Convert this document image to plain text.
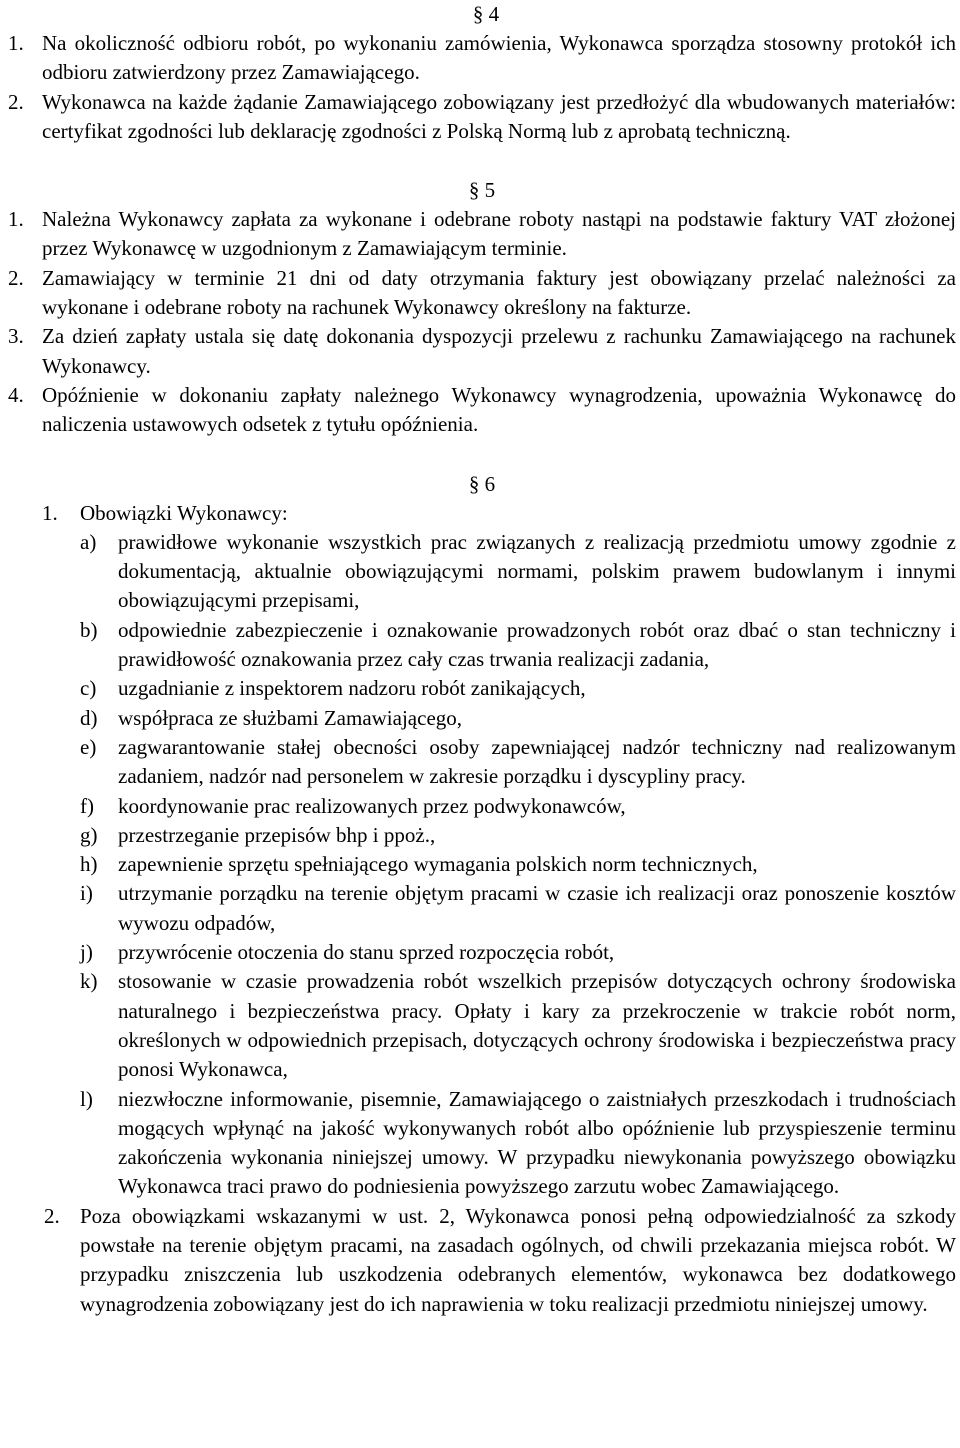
§ 4
1. Na okoliczność odbioru robót, po wykonaniu zamówienia, Wykonawca sporządza stosowny protokół ich odbioru zatwierdzony przez Zamawiającego.
2. Wykonawca na każde żądanie Zamawiającego zobowiązany jest przedłożyć dla wbudowanych materiałów: certyfikat zgodności lub deklarację zgodności z Polską Normą lub z aprobatą techniczną.
§ 5
1. Należna Wykonawcy zapłata za wykonane i odebrane roboty nastąpi na podstawie faktury VAT złożonej przez Wykonawcę w uzgodnionym z Zamawiającym terminie.
2. Zamawiający w terminie 21 dni od daty otrzymania faktury jest obowiązany przelać należności za wykonane i odebrane roboty na rachunek Wykonawcy określony na fakturze.
3. Za dzień zapłaty ustala się datę dokonania dyspozycji przelewu z rachunku Zamawiającego na rachunek Wykonawcy.
4. Opóźnienie w dokonaniu zapłaty należnego Wykonawcy wynagrodzenia, upoważnia Wykonawcę do naliczenia ustawowych odsetek z tytułu opóźnienia.
§ 6
1.	Obowiązki Wykonawcy:
a)	prawidłowe wykonanie wszystkich prac związanych z realizacją przedmiotu umowy zgodnie z dokumentacją, aktualnie obowiązującymi normami, polskim prawem budowlanym i innymi obowiązującymi przepisami,
b) odpowiednie zabezpieczenie i oznakowanie prowadzonych robót oraz dbać o stan techniczny i prawidłowość oznakowania przez cały czas trwania realizacji zadania,
c)	uzgadnianie z inspektorem nadzoru robót zanikających,
d) współpraca ze służbami Zamawiającego,
e)	zagwarantowanie stałej obecności osoby zapewniającej nadzór techniczny nad realizowanym zadaniem, nadzór nad personelem w zakresie porządku i dyscypliny pracy.
f)	koordynowanie prac realizowanych przez podwykonawców,
g) przestrzeganie przepisów bhp i ppoż.,
h) zapewnienie sprzętu spełniającego wymagania polskich norm technicznych,
i)	utrzymanie porządku na terenie objętym pracami w czasie ich realizacji oraz ponoszenie kosztów wywozu odpadów,
j)	przywrócenie otoczenia do stanu sprzed rozpoczęcia robót,
k) stosowanie w czasie prowadzenia robót wszelkich przepisów dotyczących ochrony środowiska naturalnego i bezpieczeństwa pracy. Opłaty i kary za przekroczenie w trakcie robót norm, określonych w odpowiednich przepisach, dotyczących ochrony środowiska i bezpieczeństwa pracy ponosi Wykonawca,
l)	niezwłoczne informowanie, pisemnie, Zamawiającego o zaistniałych przeszkodach i trudnościach mogących wpłynąć na jakość wykonywanych robót albo opóźnienie lub przyspieszenie terminu zakończenia wykonania niniejszej umowy. W przypadku niewykonania powyższego obowiązku Wykonawca traci prawo do podniesienia powyższego zarzutu wobec Zamawiającego.
2. Poza obowiązkami wskazanymi w ust. 2, Wykonawca ponosi pełną odpowiedzialność za szkody powstałe na terenie objętym pracami, na zasadach ogólnych, od chwili przekazania miejsca robót. W przypadku zniszczenia lub uszkodzenia odebranych elementów, wykonawca bez dodatkowego wynagrodzenia zobowiązany jest do ich naprawienia w toku realizacji przedmiotu niniejszej umowy.
